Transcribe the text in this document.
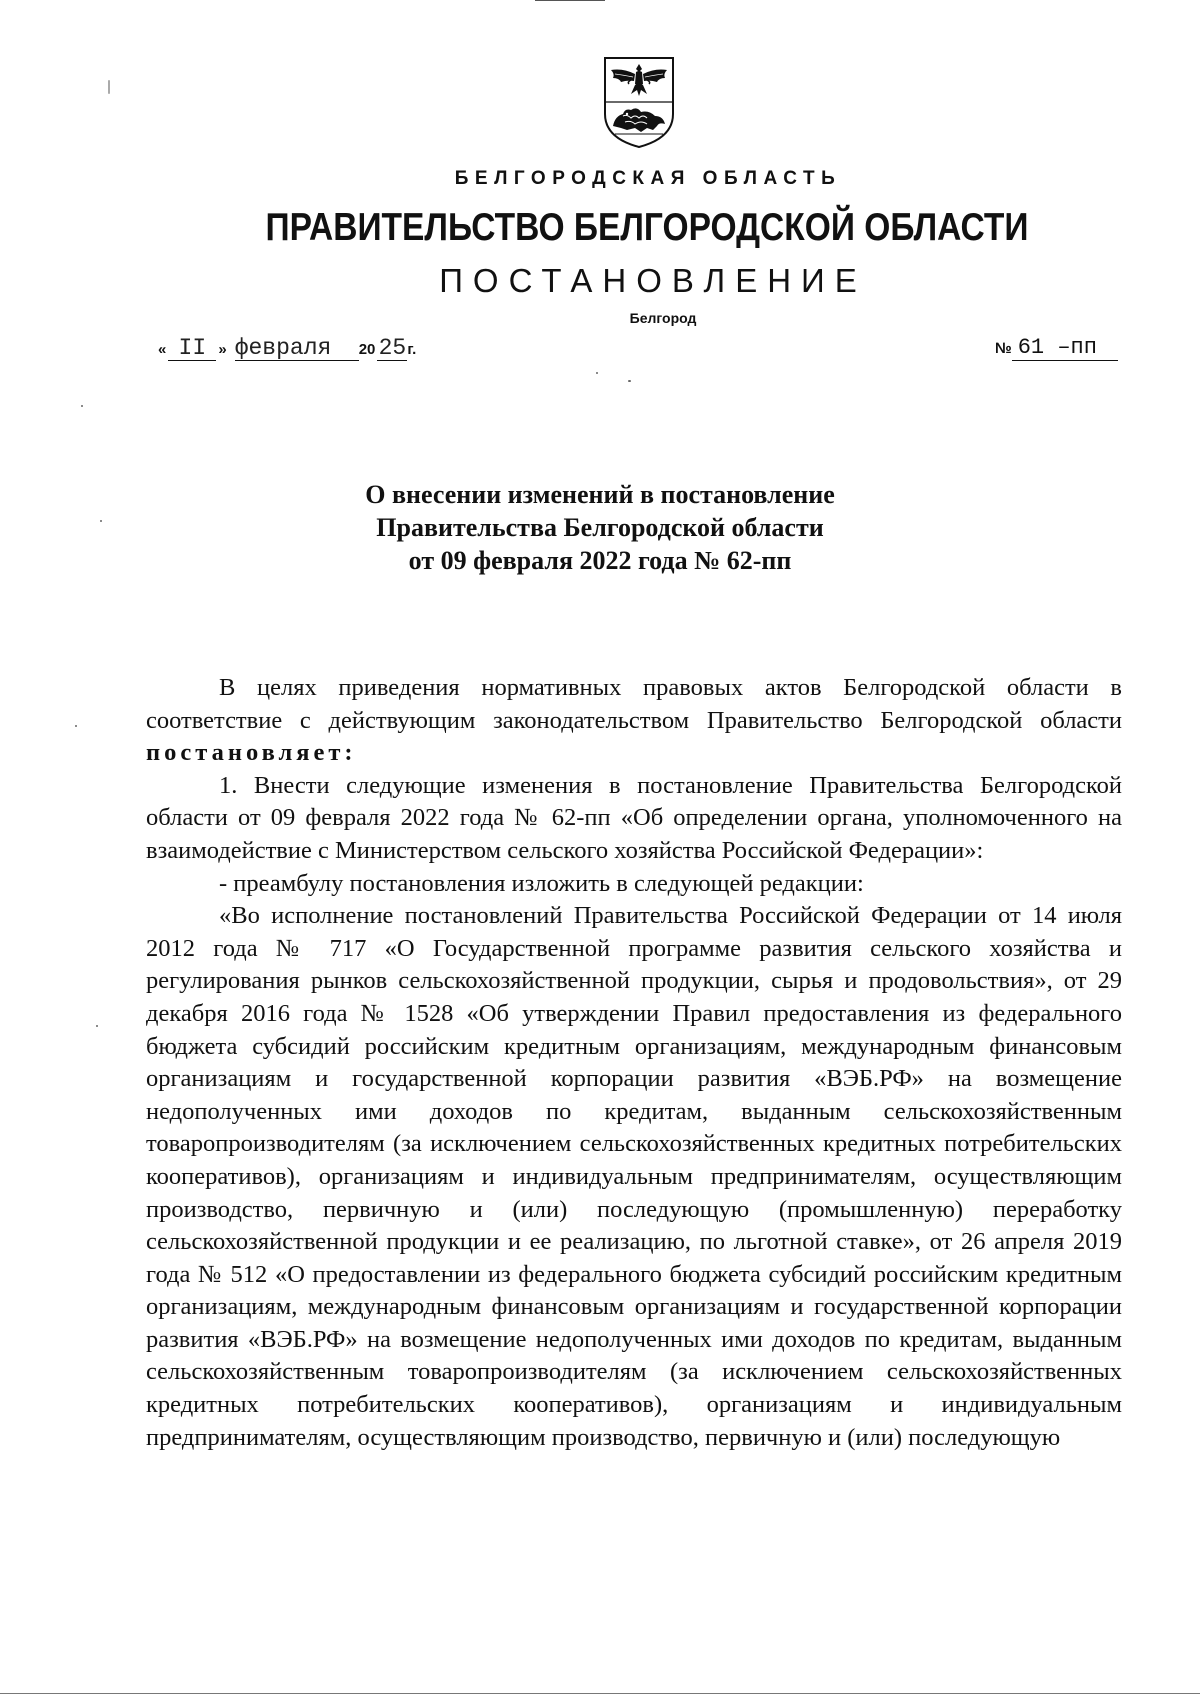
БЕЛГОРОДСКАЯ ОБЛАСТЬ
ПРАВИТЕЛЬСТВО БЕЛГОРОДСКОЙ ОБЛАСТИ
ПОСТАНОВЛЕНИЕ
Белгород
« II » февраля 20 25г.	№ 61 –пп
О внесении изменений в постановление
Правительства Белгородской области
от 09 февраля 2022 года № 62-пп

В целях приведения нормативных правовых актов Белгородской области в соответствие с действующим законодательством Правительство Белгородской области постановляет:

1. Внести следующие изменения в постановление Правительства Белгородской области от 09 февраля 2022 года № 62-пп «Об определении органа, уполномоченного на взаимодействие с Министерством сельского хозяйства Российской Федерации»:

- преамбулу постановления изложить в следующей редакции:

«Во исполнение постановлений Правительства Российской Федерации от 14 июля 2012 года № 717 «О Государственной программе развития сельского хозяйства и регулирования рынков сельскохозяйственной продукции, сырья и продовольствия», от 29 декабря 2016 года № 1528 «Об утверждении Правил предоставления из федерального бюджета субсидий российским кредитным организациям, международным финансовым организациям и государственной корпорации развития «ВЭБ.РФ» на возмещение недополученных ими доходов по кредитам, выданным сельскохозяйственным товаропроизводителям (за исключением сельскохозяйственных кредитных потребительских кооперативов), организациям и индивидуальным предпринимателям, осуществляющим производство, первичную и (или) последующую (промышленную) переработку сельскохозяйственной продукции и ее реализацию, по льготной ставке», от 26 апреля 2019 года № 512 «О предоставлении из федерального бюджета субсидий российским кредитным организациям, международным финансовым организациям и государственной корпорации развития «ВЭБ.РФ» на возмещение недополученных ими доходов по кредитам, выданным сельскохозяйственным товаропроизводителям (за исключением сельскохозяйственных кредитных потребительских кооперативов), организациям и индивидуальным предпринимателям, осуществляющим производство, первичную и (или) последующую
